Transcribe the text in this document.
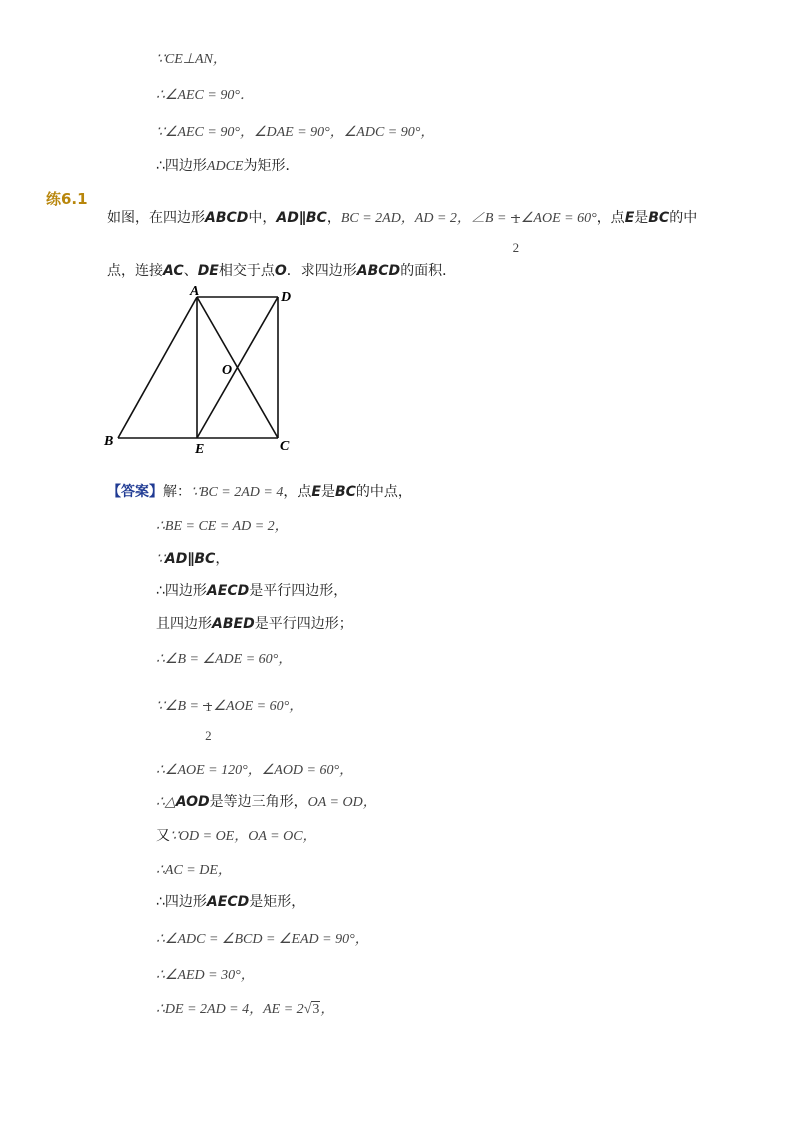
∵CE⊥AN，
∴∠AEC = 90°．
∵∠AEC = 90°，∠DAE = 90°，∠ADC = 90°，
∴四边形ADCE为矩形．
练6.1
如图，在四边形ABCD中，AD∥BC，BC = 2AD，AD = 2，∠B = 1
2
∠AOE = 60°，点E是BC的中
点，连接AC、DE相交于点O．求四边形ABCD的面积．
A	D
B
E	C
O
【答案】解：∵BC = 2AD = 4，点E是BC的中点，
∴BE = CE = AD = 2，
∵AD∥BC，
∴四边形AECD是平行四边形，
且四边形ABED是平行四边形；
∴∠B = ∠ADE = 60°，
∵∠B = 1
2
∠AOE = 60°，
∴∠AOE = 120°，∠AOD = 60°，
∴△AOD是等边三角形，OA = OD，
又∵OD = OE，OA = OC，
∴AC = DE，
∴四边形AECD是矩形，
∴∠ADC = ∠BCD = ∠EAD = 90°，
∴∠AED = 30°，
∴DE = 2AD = 4，AE = 2√3，
